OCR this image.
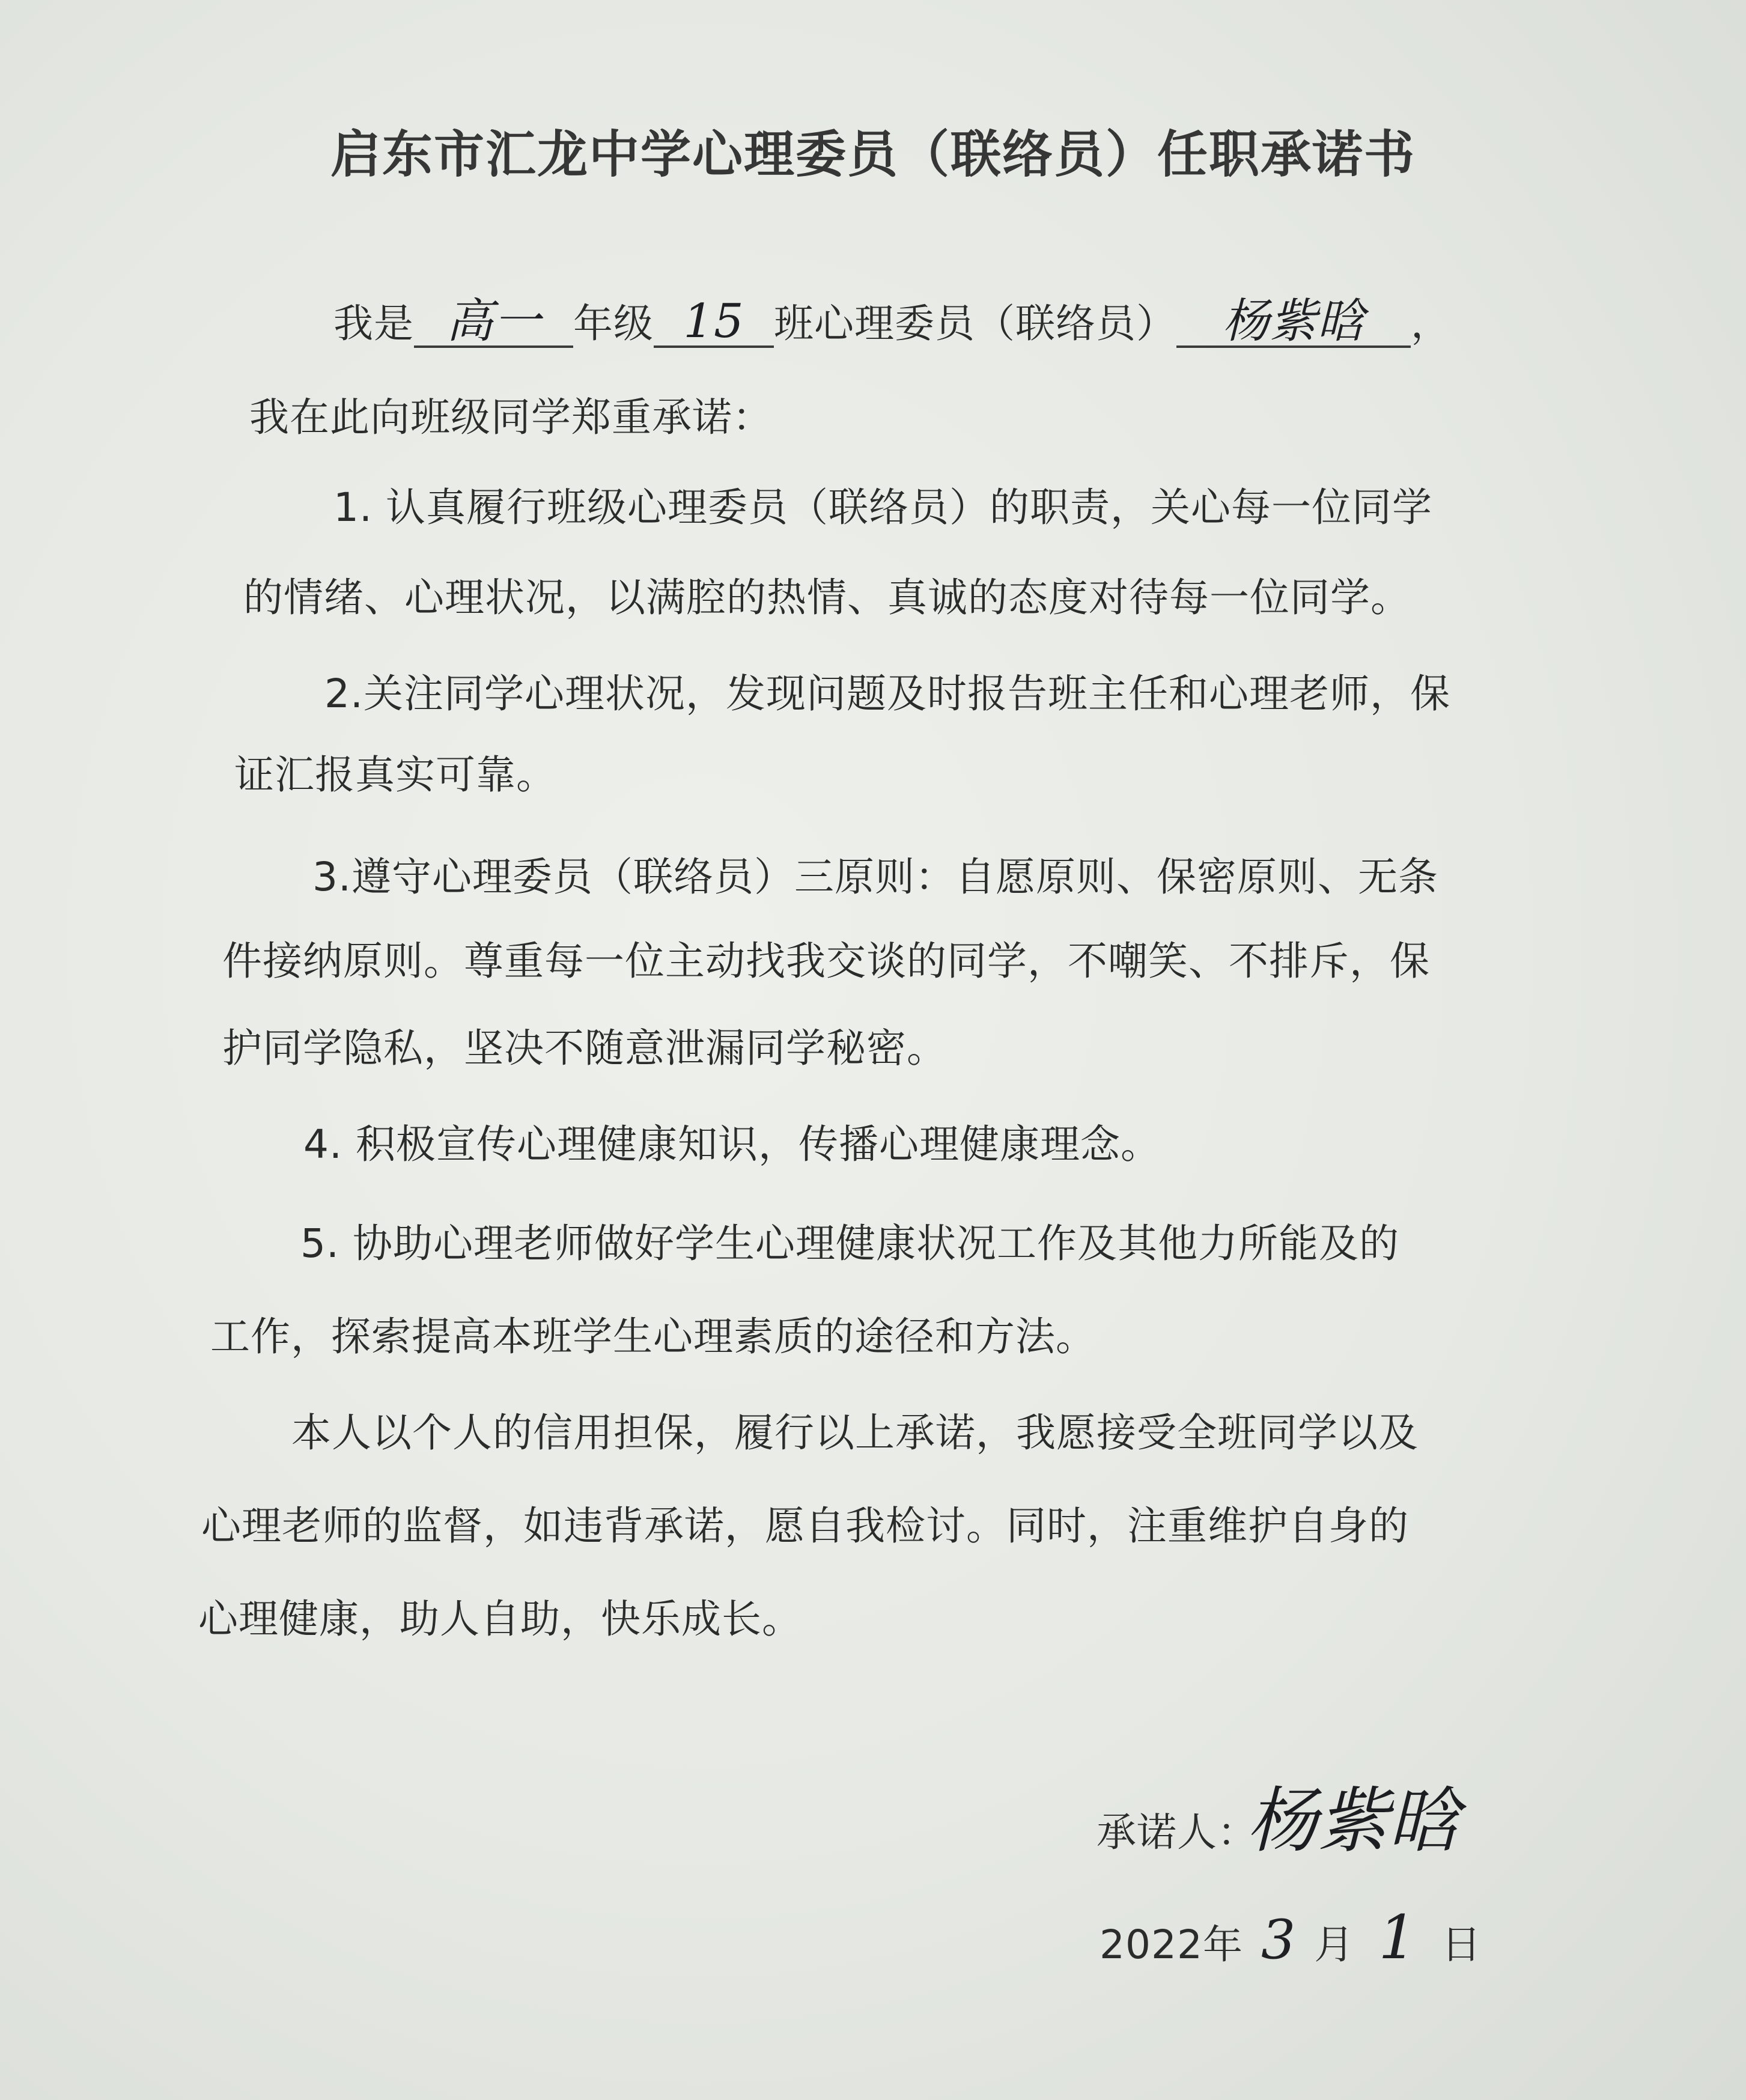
启东市汇龙中学心理委员（联络员）任职承诺书
我是 高一 年级 15 班心理委员（联络员） 杨紫晗 ，
我在此向班级同学郑重承诺：
1. 认真履行班级心理委员（联络员）的职责，关心每一位同学
的情绪、心理状况，以满腔的热情、真诚的态度对待每一位同学。
2.关注同学心理状况，发现问题及时报告班主任和心理老师，保
证汇报真实可靠。
3.遵守心理委员（联络员）三原则：自愿原则、保密原则、无条
件接纳原则。尊重每一位主动找我交谈的同学，不嘲笑、不排斥，保
护同学隐私，坚决不随意泄漏同学秘密。
4. 积极宣传心理健康知识，传播心理健康理念。
5. 协助心理老师做好学生心理健康状况工作及其他力所能及的
工作，探索提高本班学生心理素质的途径和方法。
本人以个人的信用担保，履行以上承诺，我愿接受全班同学以及
心理老师的监督，如违背承诺，愿自我检讨。同时，注重维护自身的
心理健康，助人自助，快乐成长。
承诺人：
杨紫晗
2022年 3 月 1 日
